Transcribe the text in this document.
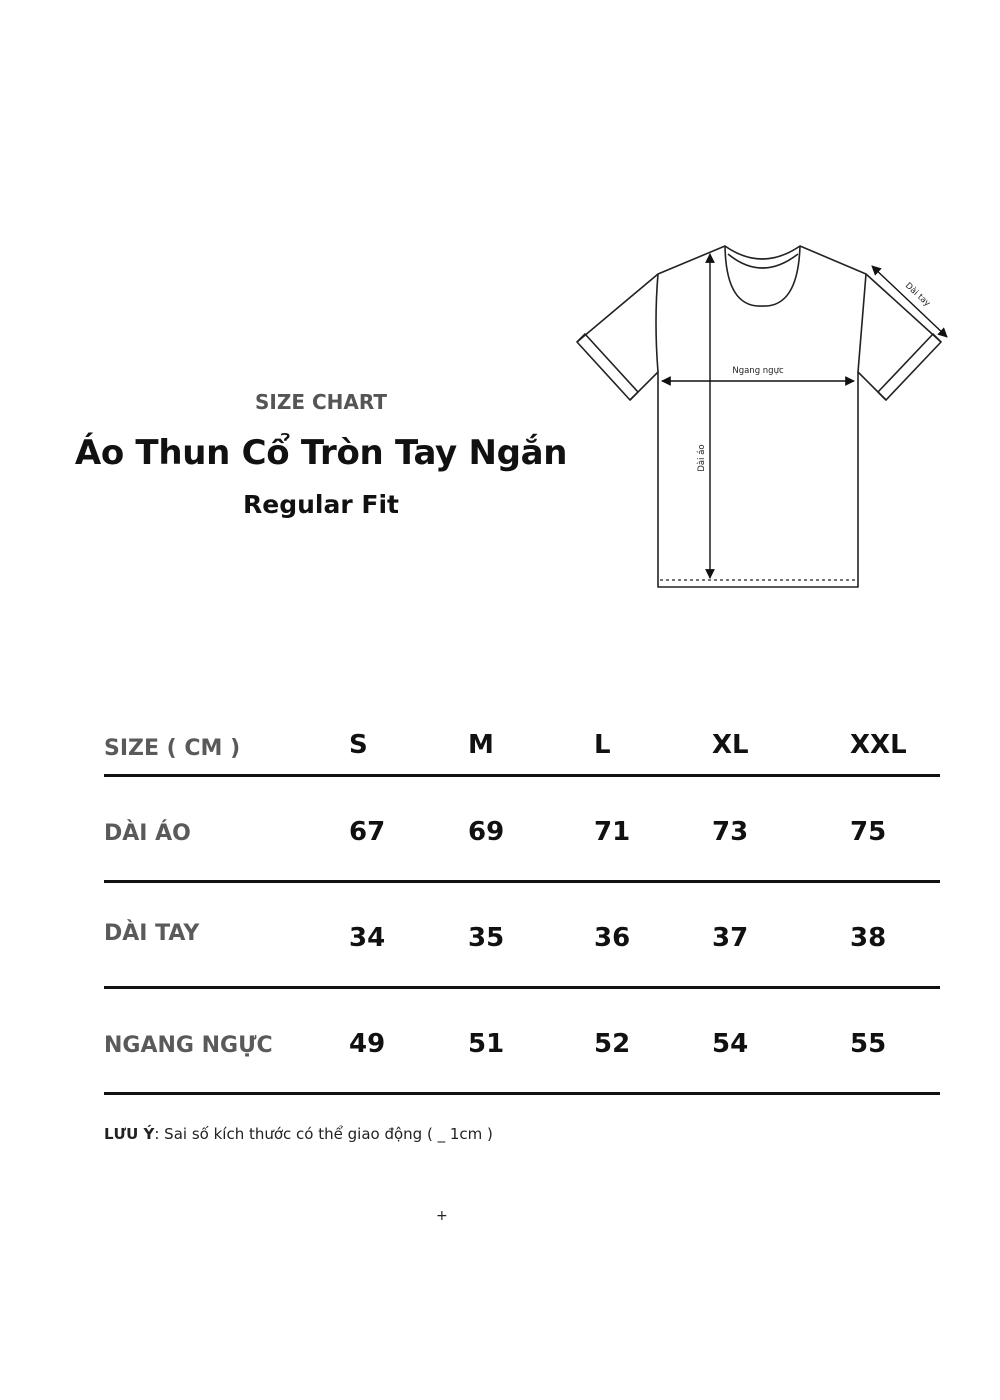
SIZE CHART
Áo Thun Cổ Tròn Tay Ngắn
Regular Fit
Dài tay
Ngang ngực
Dài áo
SIZE ( CM )	S	M	L	XL	XXL
DÀI ÁO	67	69	71	73	75
DÀI TAY	34	35	36	37	38
NGANG NGỰC	49	51	52	54	55
LƯU Ý: Sai số kích thước có thể giao động ( _ 1cm )
+
